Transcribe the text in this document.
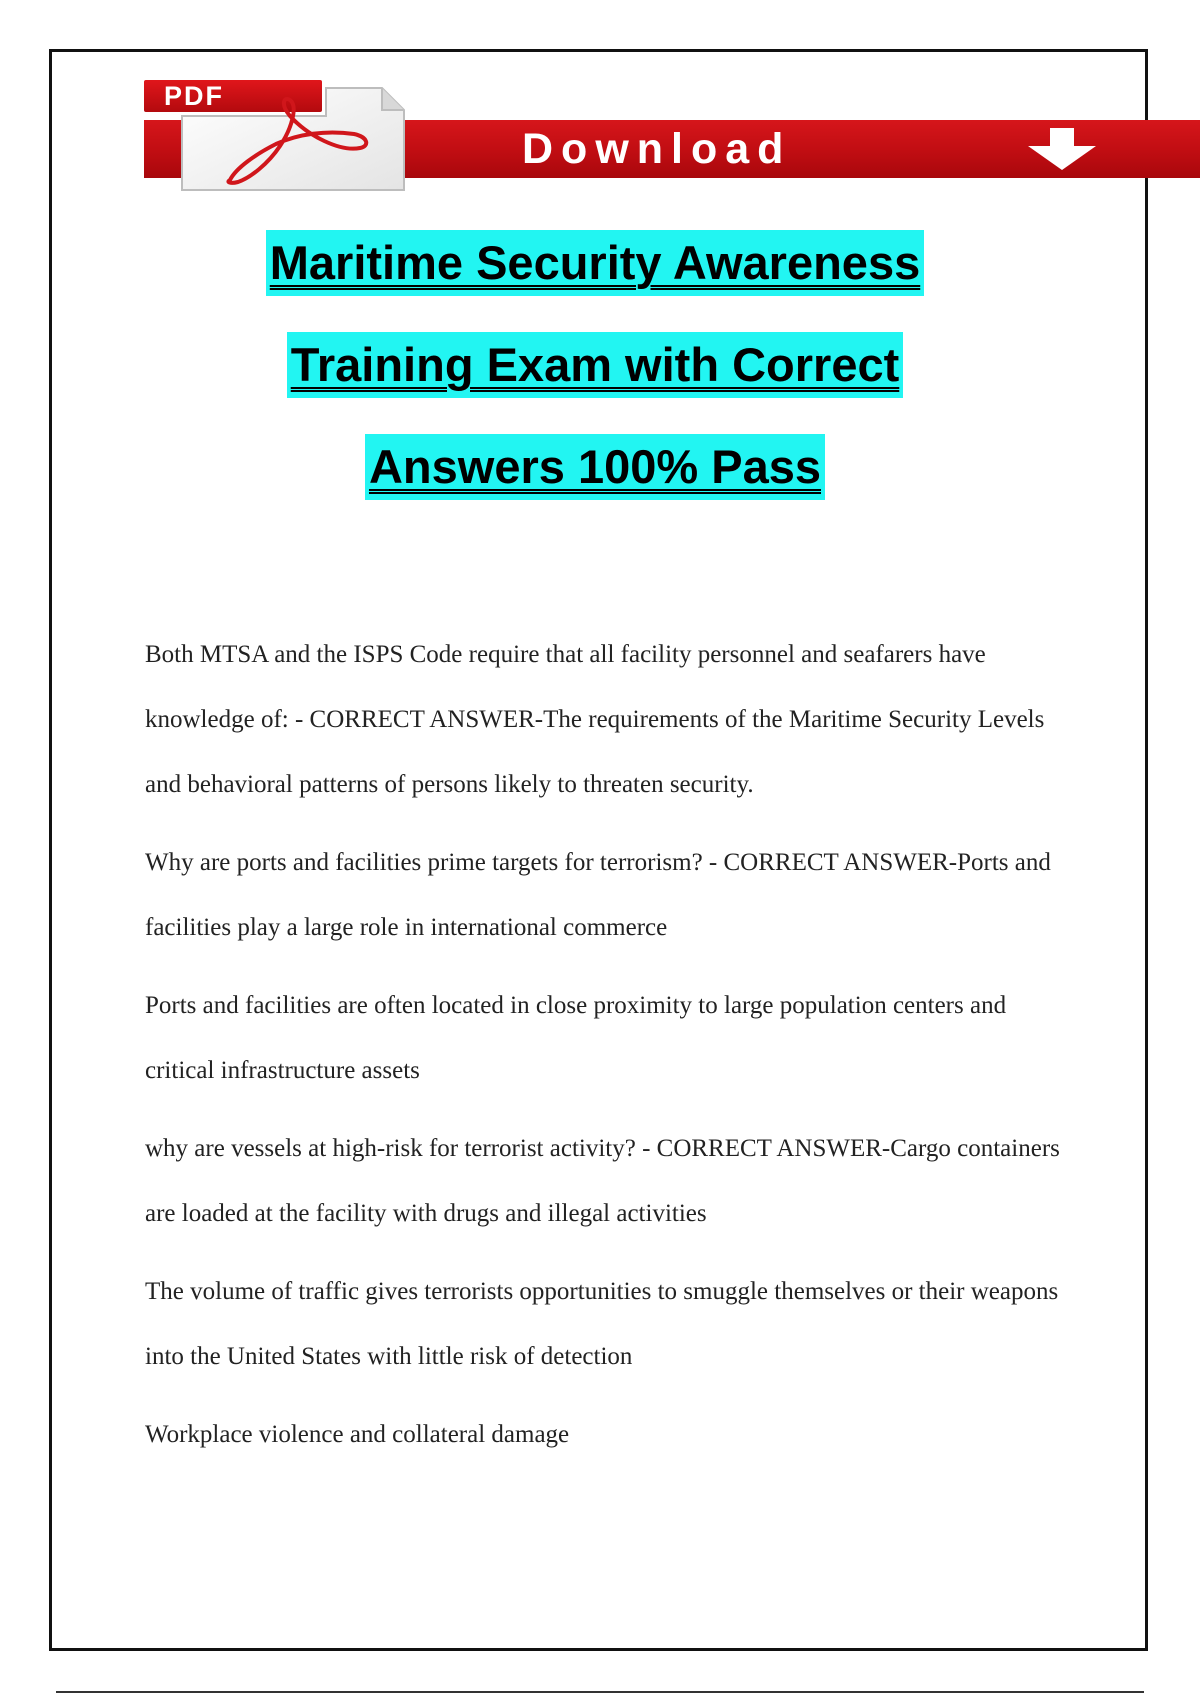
PDF
Download
Maritime Security Awareness
Training Exam with Correct
Answers 100% Pass

Both MTSA and the ISPS Code require that all facility personnel and seafarers have knowledge of: - CORRECT ANSWER-The requirements of the Maritime Security Levels and behavioral patterns of persons likely to threaten security.

Why are ports and facilities prime targets for terrorism? - CORRECT ANSWER-Ports and facilities play a large role in international commerce

Ports and facilities are often located in close proximity to large population centers and critical infrastructure assets

why are vessels at high-risk for terrorist activity? - CORRECT ANSWER-Cargo containers are loaded at the facility with drugs and illegal activities

The volume of traffic gives terrorists opportunities to smuggle themselves or their weapons into the United States with little risk of detection

Workplace violence and collateral damage
